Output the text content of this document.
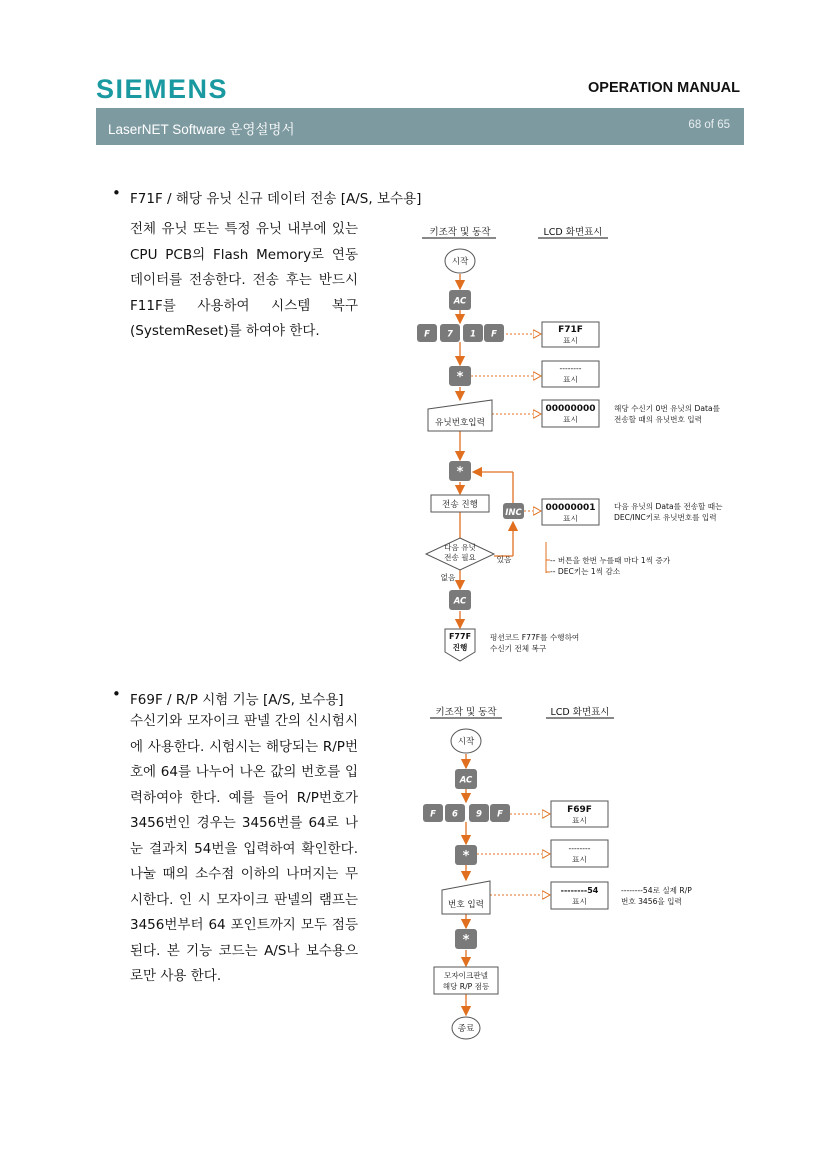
SIEMENS	OPERATION MANUAL
LaserNET Software 운영설명서	68 of 65
• F71F / 해당 유닛 신규 데이터 전송 [A/S, 보수용]

전체 유닛 또는 특정 유닛 내부에 있는 CPU PCB의 Flash Memory로 연동 데이터를 전송한다. 전송 후는 반드시 F11F를 사용하여 시스템 복구 (SystemReset)를 하여야 한다.

키조작 및 동작	LCD 화면표시
시작
AC
F 7 1 F
*
유닛번호입력
*
전송 진행
INC
다음 유닛
전송 필요	있음
없음
AC
F77F
진행
F71F
표시
--------
표시
00000000
표시
00000001
표시
해당 수신기 0번 유닛의 Data를
전송할 때의 유닛번호 입력
다음 유닛의 Data를 전송할 때는
DEC/INC키로 유닛번호를 입력
-- 버튼을 한번 누를때 마다 1씩 증가
-- DEC키는 1씩 감소
펑션코드 F77F를 수행하여
수신기 전체 복구
• F69F / R/P 시험 기능 [A/S, 보수용]

수신기와 모자이크 판넬 간의 신시험시에 사용한다. 시험시는 해당되는 R/P번호에 64를 나누어 나온 값의 번호를 입력하여야 한다. 예를 들어 R/P번호가 3456번인 경우는 3456번를 64로 나눈 결과치 54번을 입력하여 확인한다. 나눌 때의 소수점 이하의 나머지는 무시한다. 인 시 모자이크 판넬의 램프는3456번부터 64 포인트까지 모두 점등된다. 본 기능 코드는 A/S나 보수용으로만 사용 한다.

키조작 및 동작	LCD 화면표시
시작
AC
F 6 9 F
*
번호 입력
*
모자이크판넬
해당 R/P 점등
종료
F69F
표시
--------
표시
--------54
표시
--------54로 실제 R/P
번호 3456을 입력
